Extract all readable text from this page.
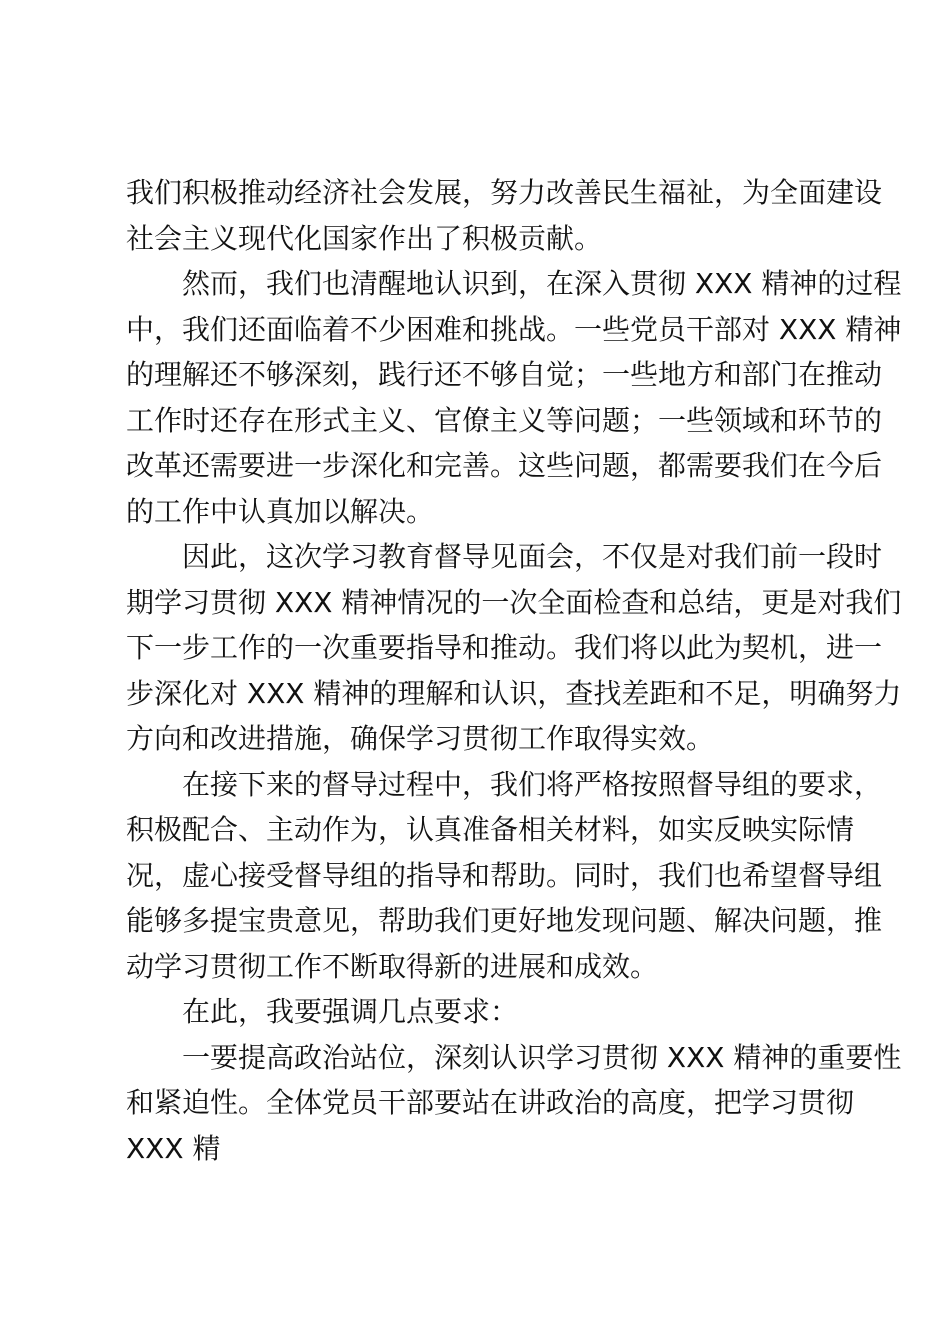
我们积极推动经济社会发展，努力改善民生福祉，为全面建设

社会主义现代化国家作出了积极贡献。

然而，我们也清醒地认识到，在深入贯彻 XXX 精神的过程

中，我们还面临着不少困难和挑战。一些党员干部对 XXX 精神

的理解还不够深刻，践行还不够自觉；一些地方和部门在推动

工作时还存在形式主义、官僚主义等问题；一些领域和环节的

改革还需要进一步深化和完善。这些问题，都需要我们在今后

的工作中认真加以解决。

因此，这次学习教育督导见面会，不仅是对我们前一段时

期学习贯彻 XXX 精神情况的一次全面检查和总结，更是对我们

下一步工作的一次重要指导和推动。我们将以此为契机，进一

步深化对 XXX 精神的理解和认识，查找差距和不足，明确努力

方向和改进措施，确保学习贯彻工作取得实效。

在接下来的督导过程中，我们将严格按照督导组的要求，

积极配合、主动作为，认真准备相关材料，如实反映实际情

况，虚心接受督导组的指导和帮助。同时，我们也希望督导组

能够多提宝贵意见，帮助我们更好地发现问题、解决问题，推

动学习贯彻工作不断取得新的进展和成效。

在此，我要强调几点要求：

一要提高政治站位，深刻认识学习贯彻 XXX 精神的重要性

和紧迫性。全体党员干部要站在讲政治的高度，把学习贯彻

XXX 精
